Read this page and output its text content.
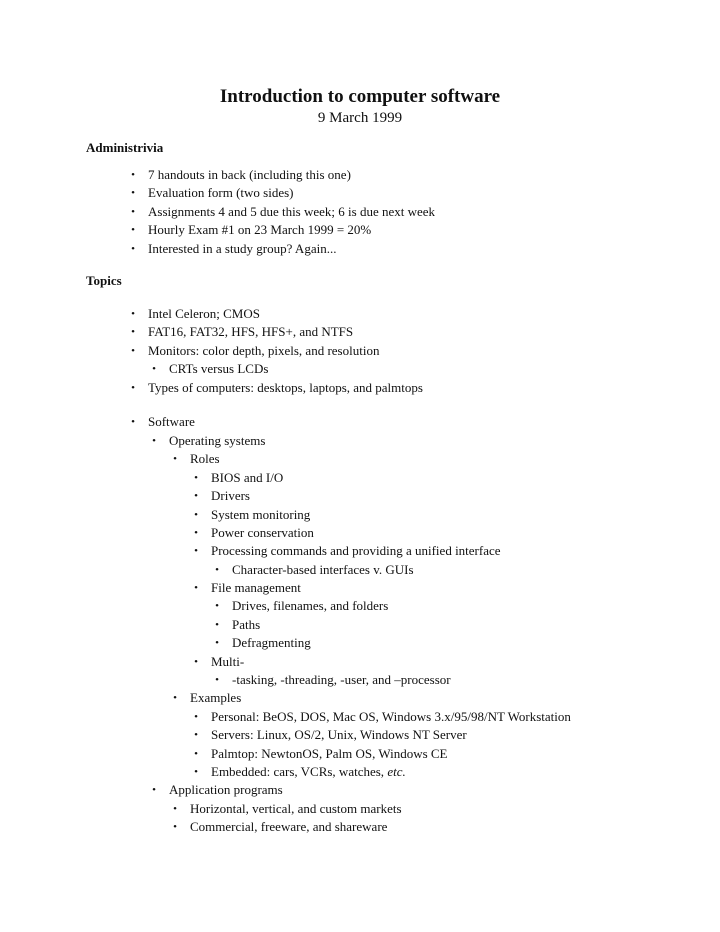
Introduction to computer software
9 March 1999
Administrivia
• 7 handouts in back (including this one)
• Evaluation form (two sides)
• Assignments 4 and 5 due this week; 6 is due next week
• Hourly Exam #1 on 23 March 1999 = 20%
• Interested in a study group? Again...
Topics
• Intel Celeron; CMOS
• FAT16, FAT32, HFS, HFS+, and NTFS
• Monitors: color depth, pixels, and resolution
• CRTs versus LCDs
• Types of computers: desktops, laptops, and palmtops
• Software
• Operating systems
• Roles
• BIOS and I/O
• Drivers
• System monitoring
• Power conservation
• Processing commands and providing a unified interface
• Character-based interfaces v. GUIs
• File management
• Drives, filenames, and folders
• Paths
• Defragmenting
• Multi-
• -tasking, -threading, -user, and –processor
• Examples
• Personal: BeOS, DOS, Mac OS, Windows 3.x/95/98/NT Workstation
• Servers: Linux, OS/2, Unix, Windows NT Server
• Palmtop: NewtonOS, Palm OS, Windows CE
• Embedded: cars, VCRs, watches, etc.
• Application programs
• Horizontal, vertical, and custom markets
• Commercial, freeware, and shareware
